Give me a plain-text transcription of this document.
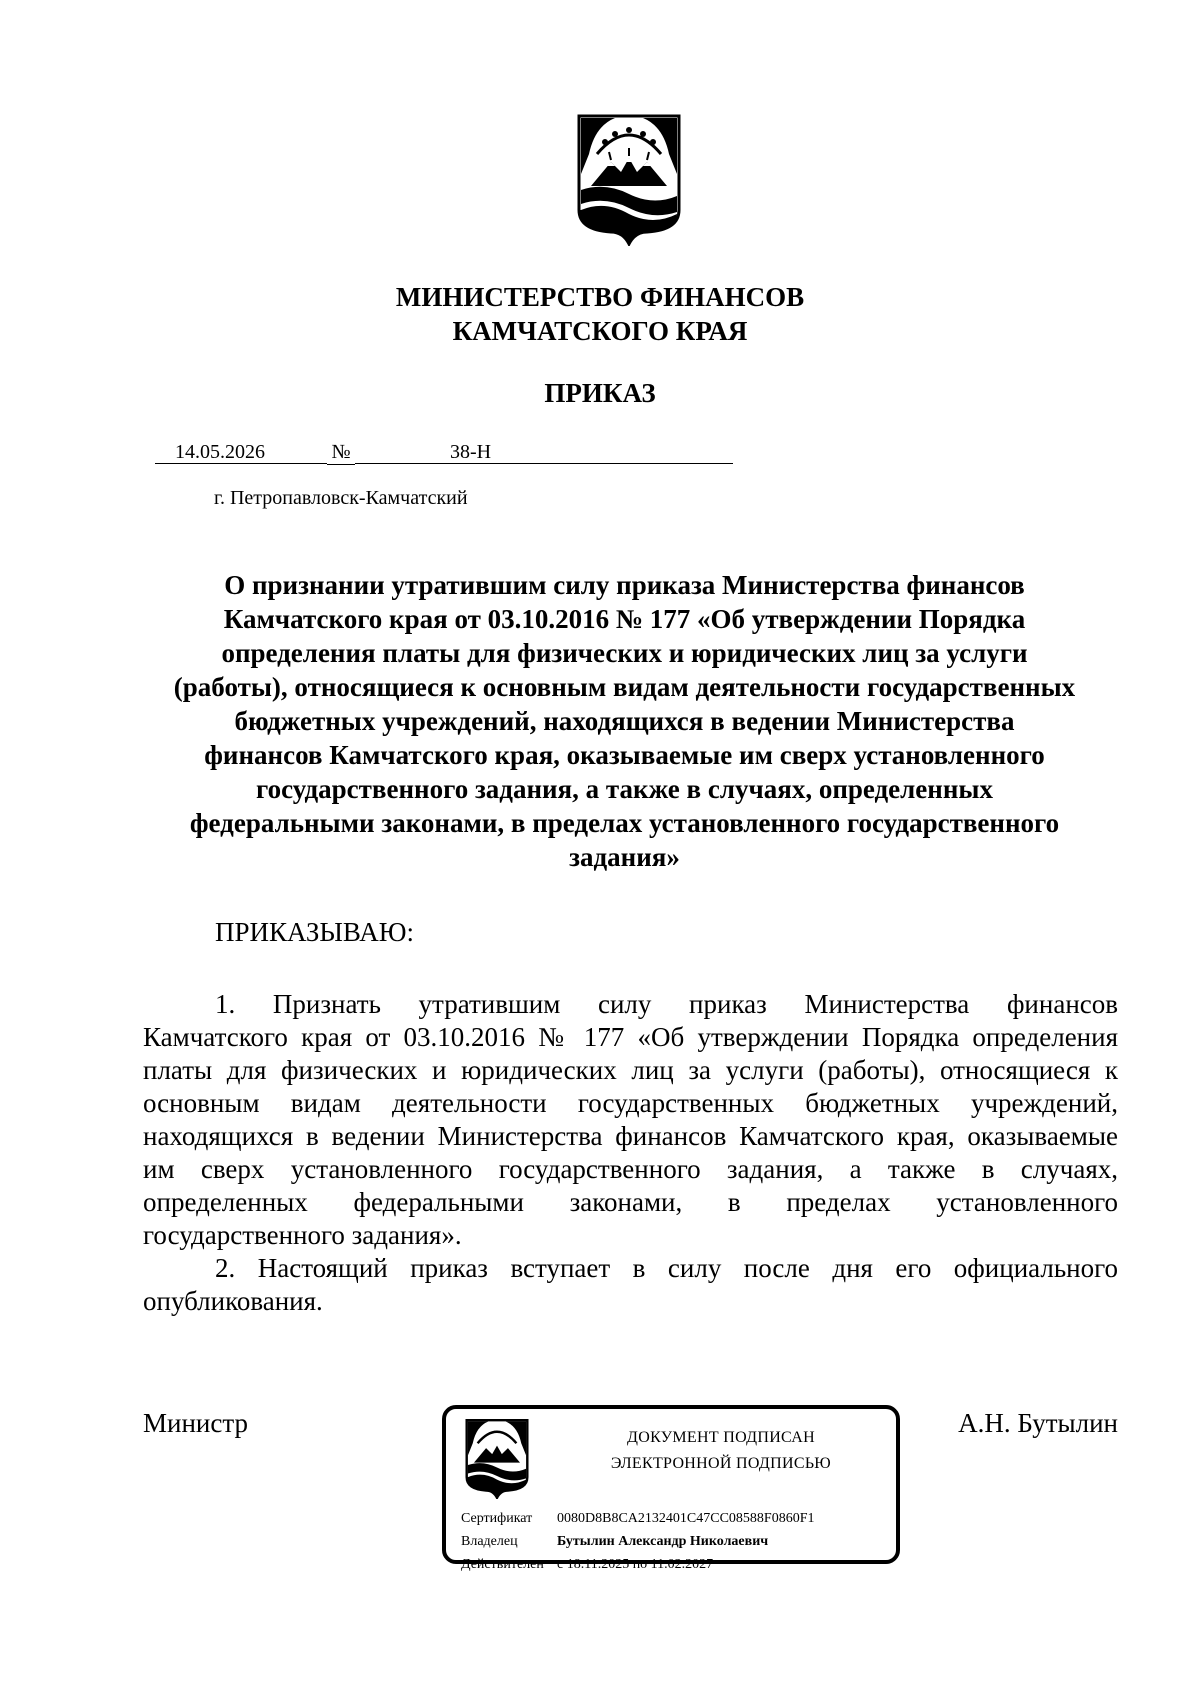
МИНИСТЕРСТВО ФИНАНСОВ
КАМЧАТСКОГО КРАЯ
ПРИКАЗ
14.05.2026	№	38-Н
г. Петропавловск-Камчатский
О признании утратившим силу приказа Министерства финансов
Камчатского края от 03.10.2016 № 177 «Об утверждении Порядка
определения платы для физических и юридических лиц за услуги
(работы), относящиеся к основным видам деятельности государственных
бюджетных учреждений, находящихся в ведении Министерства
финансов Камчатского края, оказываемые им сверх установленного
государственного задания, а также в случаях, определенных
федеральными законами, в пределах установленного государственного
задания»
ПРИКАЗЫВАЮ:
1. Признать утратившим силу приказ Министерства финансов
Камчатского края от 03.10.2016 № 177 «Об утверждении Порядка определения
платы для физических и юридических лиц за услуги (работы), относящиеся к
основным видам деятельности государственных бюджетных учреждений,
находящихся в ведении Министерства финансов Камчатского края, оказываемые
им сверх установленного государственного задания, а также в случаях,
определенных федеральными законами, в пределах установленного
государственного задания».
2. Настоящий приказ вступает в силу после дня его официального
опубликования.
Министр	А.Н. Бутылин
ДОКУМЕНТ ПОДПИСАН
ЭЛЕКТРОННОЙ ПОДПИСЬЮ
Сертификат 0080D8B8CA2132401C47CC08588F0860F1
Владелец	Бутылин Александр Николаевич
Действителен с 18.11.2025 по 11.02.2027
